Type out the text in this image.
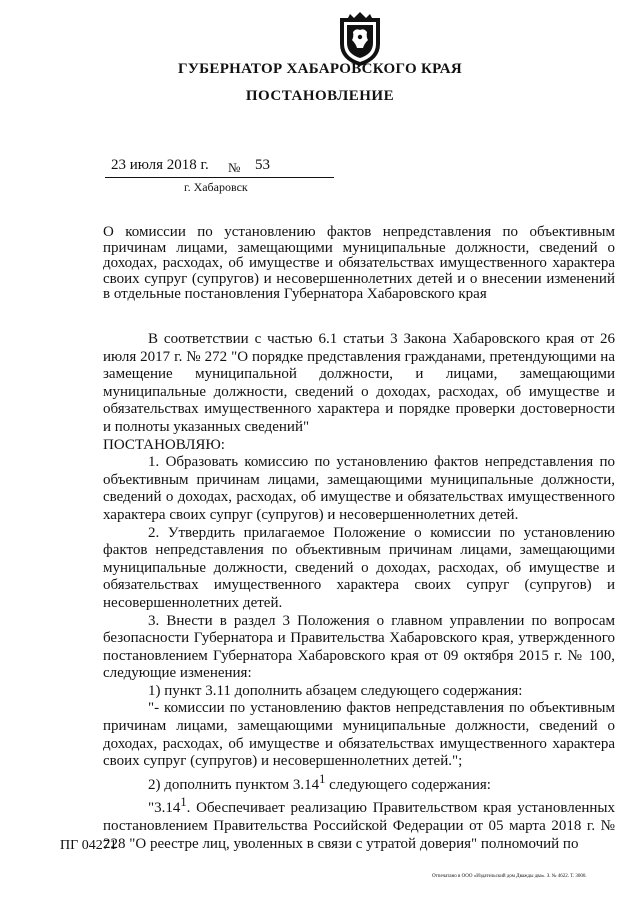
ГУБЕРНАТОР ХАБАРОВСКОГО КРАЯ
ПОСТАНОВЛЕНИЕ
23 июля 2018 г. № 53
г. Хабаровск
О комиссии по установлению фактов непредставления по объективным причинам лицами, замещающими муниципальные должности, сведений о доходах, расходах, об имуществе и обязательствах имущественного характера своих супруг (супругов) и несовершеннолетних детей и о внесении изменений в отдельные постановления Губернатора Хабаровского края

В соответствии с частью 6.1 статьи 3 Закона Хабаровского края от 26 июля 2017 г. № 272 "О порядке представления гражданами, претендующими на замещение муниципальной должности, и лицами, замещающими муниципальные должности, сведений о доходах, расходах, об имуществе и обязательствах имущественного характера и порядке проверки достоверности и полноты указанных сведений"

ПОСТАНОВЛЯЮ:

1. Образовать комиссию по установлению фактов непредставления по объективным причинам лицами, замещающими муниципальные должности, сведений о доходах, расходах, об имуществе и обязательствах имущественного характера своих супруг (супругов) и несовершеннолетних детей.

2. Утвердить прилагаемое Положение о комиссии по установлению фактов непредставления по объективным причинам лицами, замещающими муниципальные должности, сведений о доходах, расходах, об имуществе и обязательствах имущественного характера своих супруг (супругов) и несовершеннолетних детей.

3. Внести в раздел 3 Положения о главном управлении по вопросам безопасности Губернатора и Правительства Хабаровского края, утвержденного постановлением Губернатора Хабаровского края от 09 октября 2015 г. № 100, следующие изменения:

1) пункт 3.11 дополнить абзацем следующего содержания:

"- комиссии по установлению фактов непредставления по объективным причинам лицами, замещающими муниципальные должности, сведений о доходах, расходах, об имуществе и обязательствах имущественного характера своих супруг (супругов) и несовершеннолетних детей.";

2) дополнить пунктом 3.14$^1$ следующего содержания:

"3.14$^1$. Обеспечивает реализацию Правительством края установленных постановлением Правительства Российской Федерации от 05 марта 2018 г. № 228 "О реестре лиц, уволенных в связи с утратой доверия" полномочий по

ПГ 04271
Отпечатано в ООО «Издательский дом Дважды два». З. № 4622. Т. 3000.
